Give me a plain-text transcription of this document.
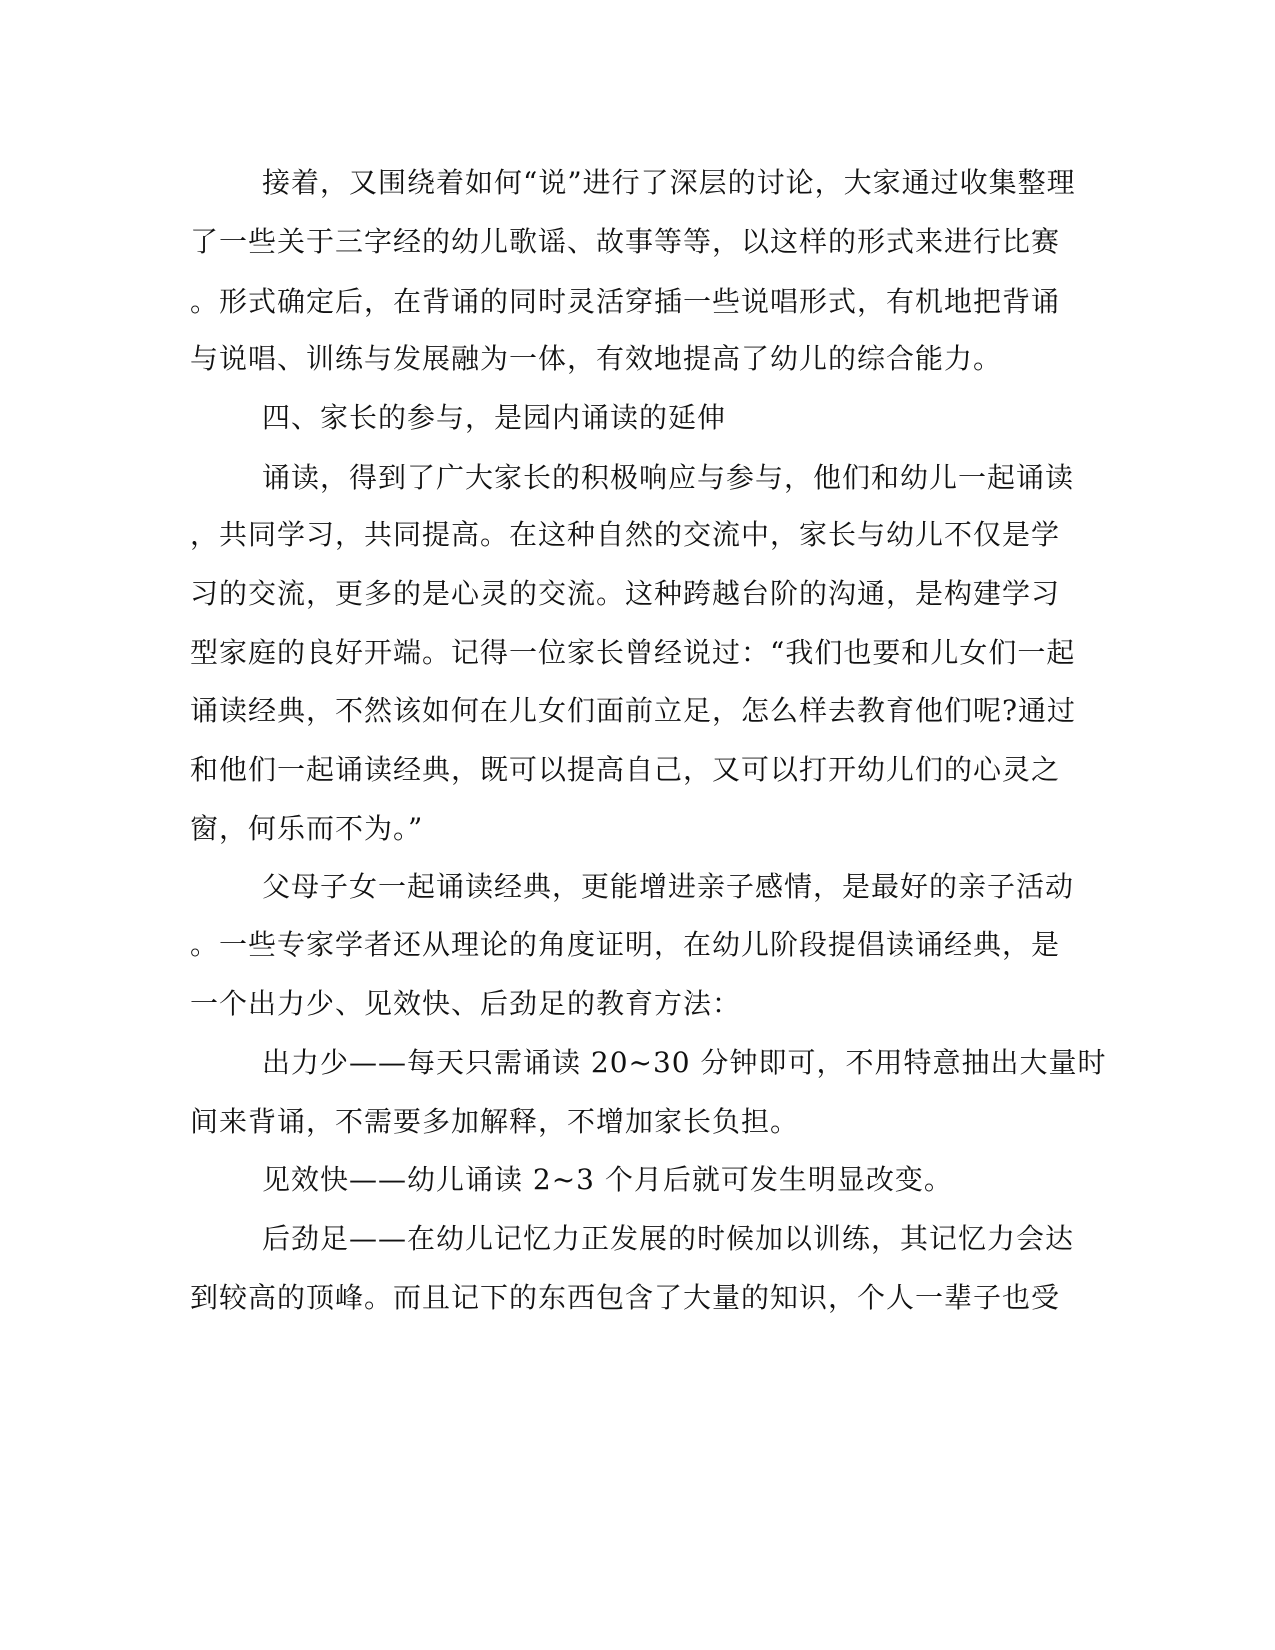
接着，又围绕着如何“说”进行了深层的讨论，大家通过收集整理
了一些关于三字经的幼儿歌谣、故事等等，以这样的形式来进行比赛
。形式确定后，在背诵的同时灵活穿插一些说唱形式，有机地把背诵
与说唱、训练与发展融为一体，有效地提高了幼儿的综合能力。
四、家长的参与，是园内诵读的延伸
诵读，得到了广大家长的积极响应与参与，他们和幼儿一起诵读
，共同学习，共同提高。在这种自然的交流中，家长与幼儿不仅是学
习的交流，更多的是心灵的交流。这种跨越台阶的沟通，是构建学习
型家庭的良好开端。记得一位家长曾经说过：“我们也要和儿女们一起
诵读经典，不然该如何在儿女们面前立足，怎么样去教育他们呢?通过
和他们一起诵读经典，既可以提高自己，又可以打开幼儿们的心灵之
窗，何乐而不为。”
父母子女一起诵读经典，更能增进亲子感情，是最好的亲子活动
。一些专家学者还从理论的角度证明，在幼儿阶段提倡读诵经典，是
一个出力少、见效快、后劲足的教育方法：
出力少——每天只需诵读 20~30 分钟即可，不用特意抽出大量时
间来背诵，不需要多加解释，不增加家长负担。
见效快——幼儿诵读 2~3 个月后就可发生明显改变。
后劲足——在幼儿记忆力正发展的时候加以训练，其记忆力会达
到较高的顶峰。而且记下的东西包含了大量的知识，个人一辈子也受
